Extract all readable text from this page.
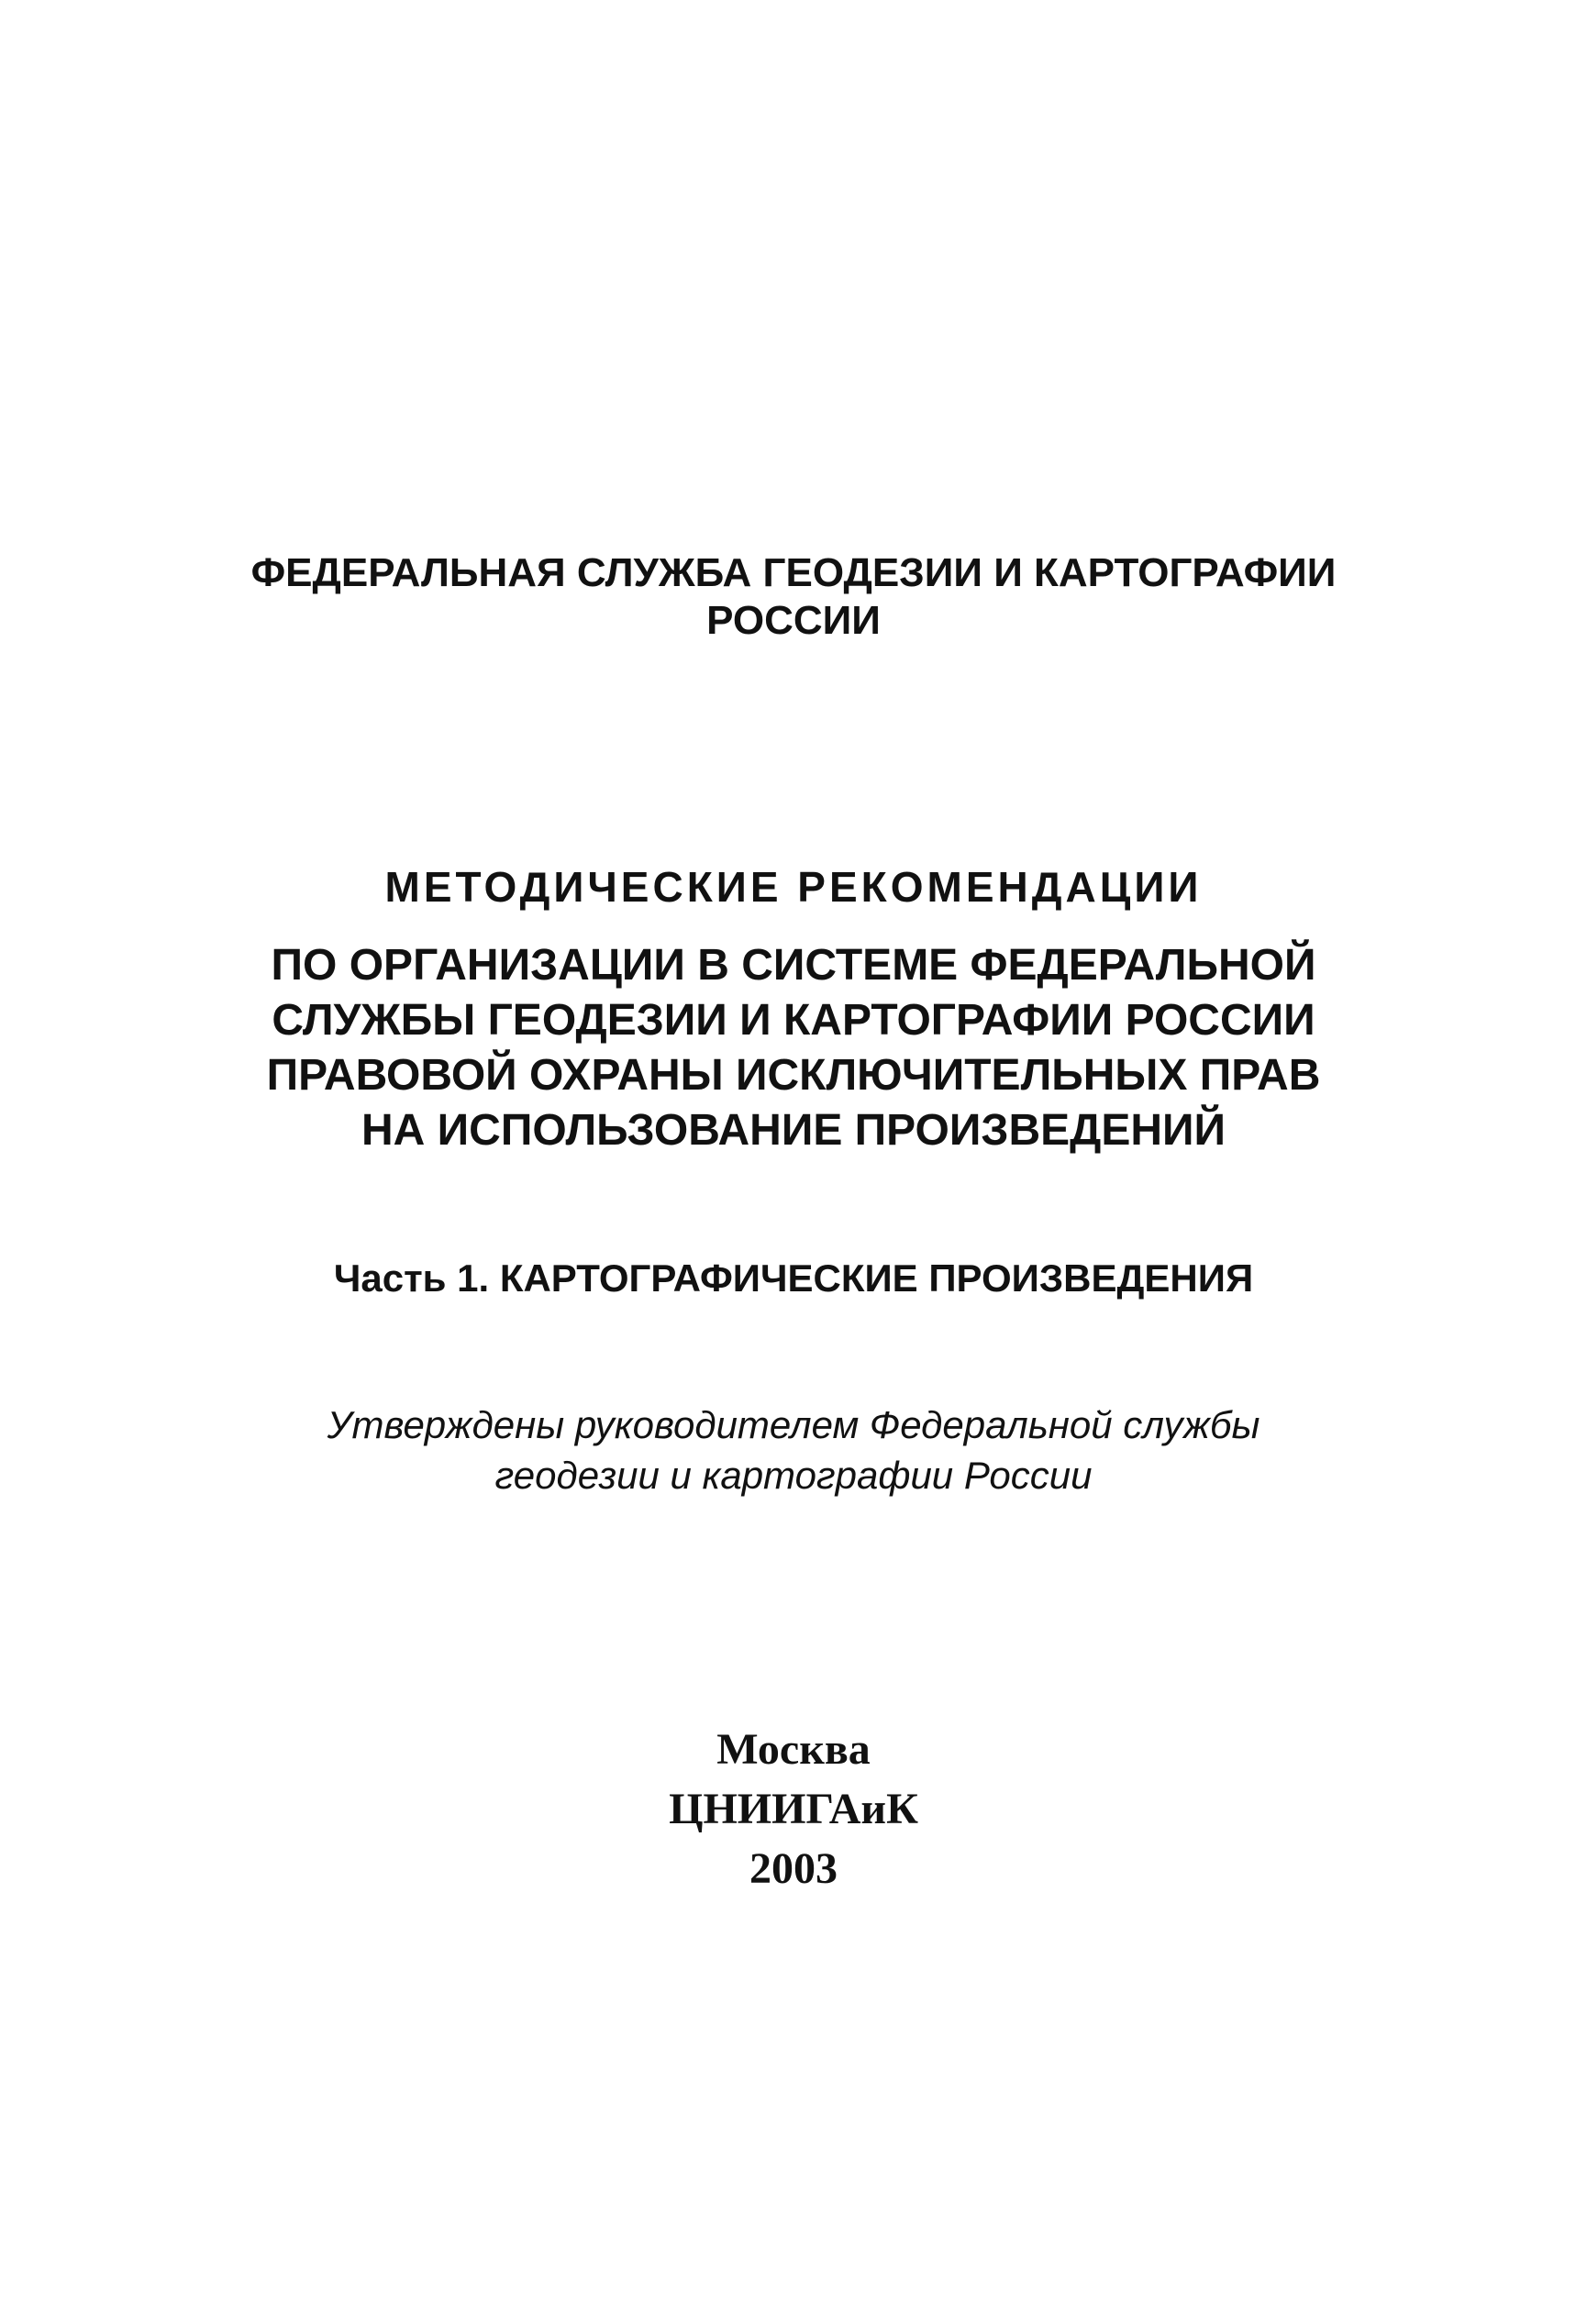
ФЕДЕРАЛЬНАЯ СЛУЖБА ГЕОДЕЗИИ И КАРТОГРАФИИ

РОССИИ

МЕТОДИЧЕСКИЕ РЕКОМЕНДАЦИИ

ПО ОРГАНИЗАЦИИ В СИСТЕМЕ ФЕДЕРАЛЬНОЙ

СЛУЖБЫ ГЕОДЕЗИИ И КАРТОГРАФИИ РОССИИ

ПРАВОВОЙ ОХРАНЫ ИСКЛЮЧИТЕЛЬНЫХ ПРАВ

НА ИСПОЛЬЗОВАНИЕ ПРОИЗВЕДЕНИЙ

Часть 1. КАРТОГРАФИЧЕСКИЕ ПРОИЗВЕДЕНИЯ

Утверждены руководителем Федеральной службы

геодезии и картографии России

Москва

ЦНИИГАиК

2003
